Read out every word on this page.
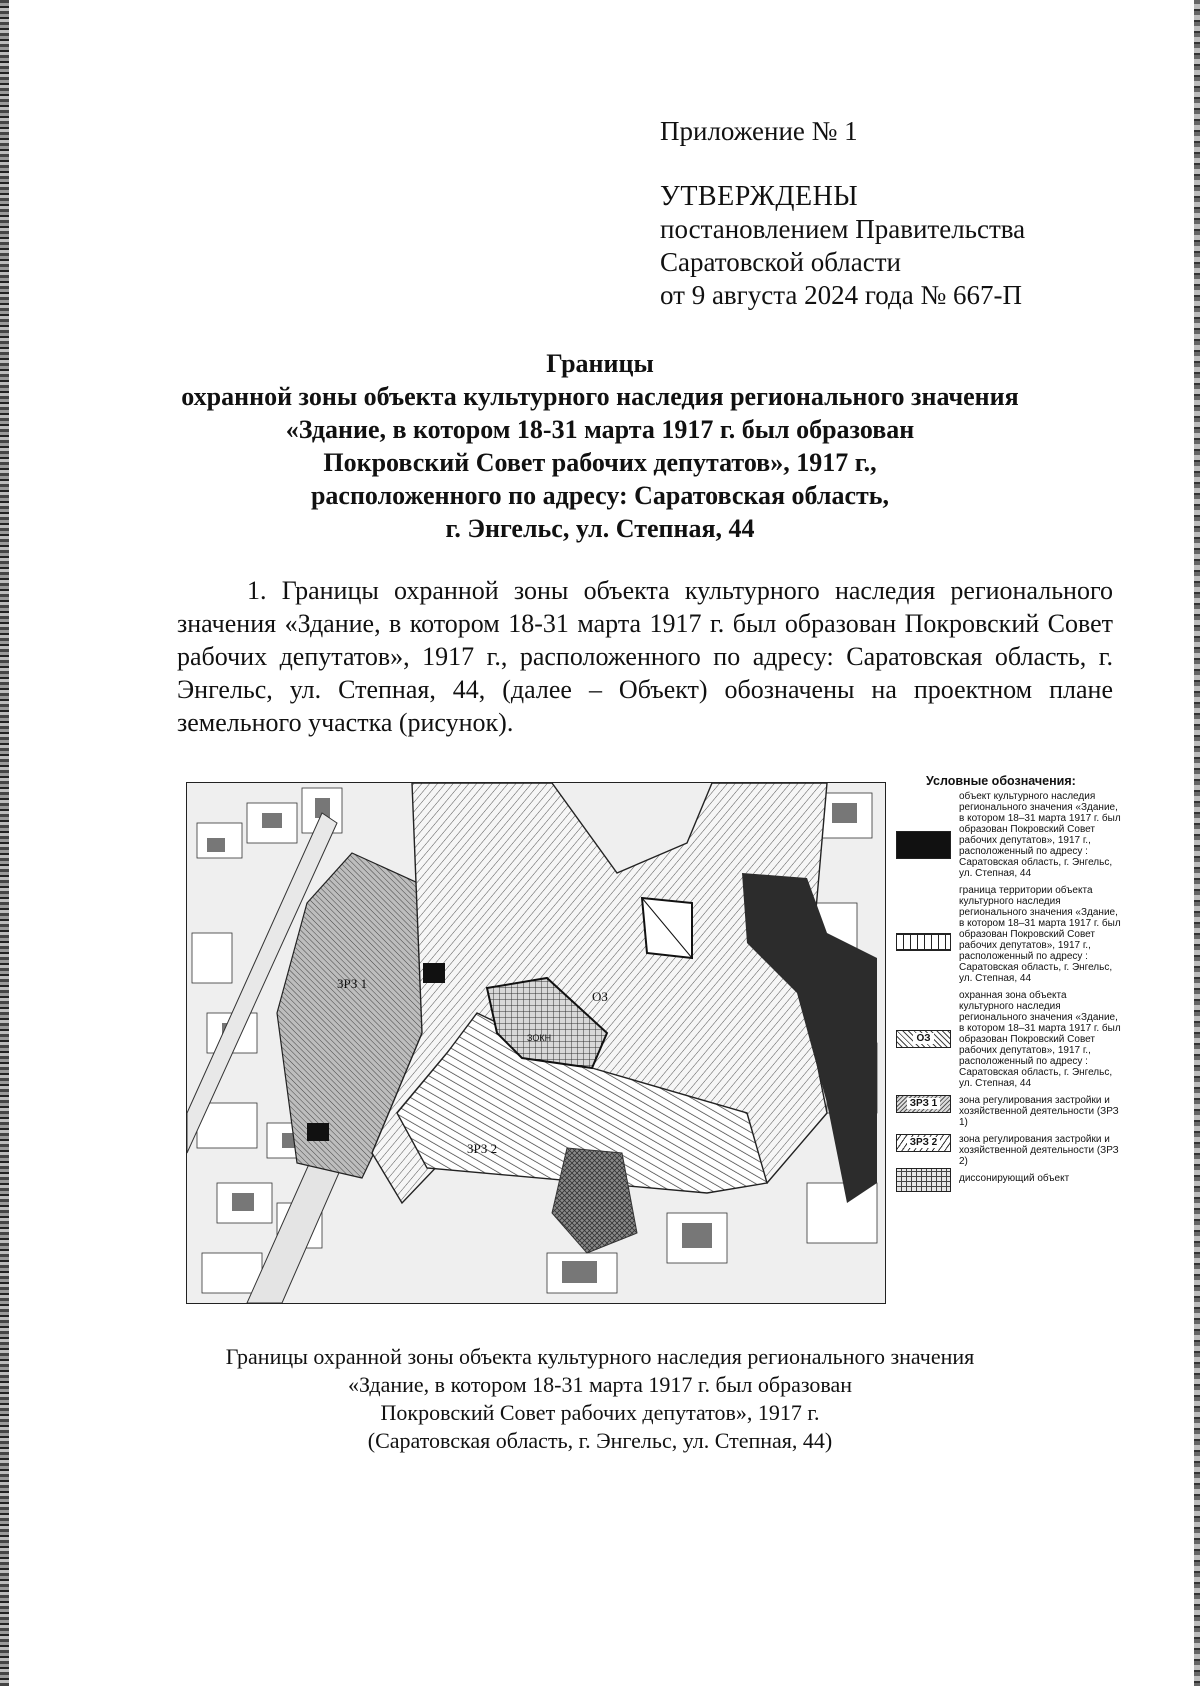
Приложение № 1
УТВЕРЖДЕНЫ
постановлением Правительства
Саратовской области
от 9 августа 2024 года № 667-П
Границы
охранной зоны объекта культурного наследия регионального значения
«Здание, в котором 18-31 марта 1917 г. был образован
Покровский Совет рабочих депутатов», 1917 г.,
расположенного по адресу: Саратовская область,
г. Энгельс, ул. Степная, 44
1. Границы охранной зоны объекта культурного наследия регионального значения «Здание, в котором 18-31 марта 1917 г. был образован Покровский Совет рабочих депутатов», 1917 г., расположенного по адресу: Саратовская область, г. Энгельс, ул. Степная, 44, (далее – Объект) обозначены на проектном плане земельного участка (рисунок).
ЗРЗ 1
ЗРЗ 2
ОЗ
ЗОКН
Условные обозначения:
объект культурного наследия регионального значения «Здание, в котором 18–31 марта 1917 г. был образован Покровский Совет рабочих депутатов», 1917 г., расположенный по адресу : Саратовская область, г. Энгельс, ул. Степная, 44
граница территории объекта культурного наследия регионального значения «Здание, в котором 18–31 марта 1917 г. был образован Покровский Совет рабочих депутатов», 1917 г., расположенный по адресу : Саратовская область, г. Энгельс, ул. Степная, 44
ОЗ
охранная зона объекта культурного наследия регионального значения «Здание, в котором 18–31 марта 1917 г. был образован Покровский Совет рабочих депутатов», 1917 г., расположенный по адресу : Саратовская область, г. Энгельс, ул. Степная, 44
ЗРЗ 1	зона регулирования застройки и хозяйственной деятельности (ЗРЗ 1)
ЗРЗ 2	зона регулирования застройки и хозяйственной деятельности (ЗРЗ 2)
диссонирующий объект
Границы охранной зоны объекта культурного наследия регионального значения
«Здание, в котором 18-31 марта 1917 г. был образован
Покровский Совет рабочих депутатов», 1917 г.
(Саратовская область, г. Энгельс, ул. Степная, 44)
